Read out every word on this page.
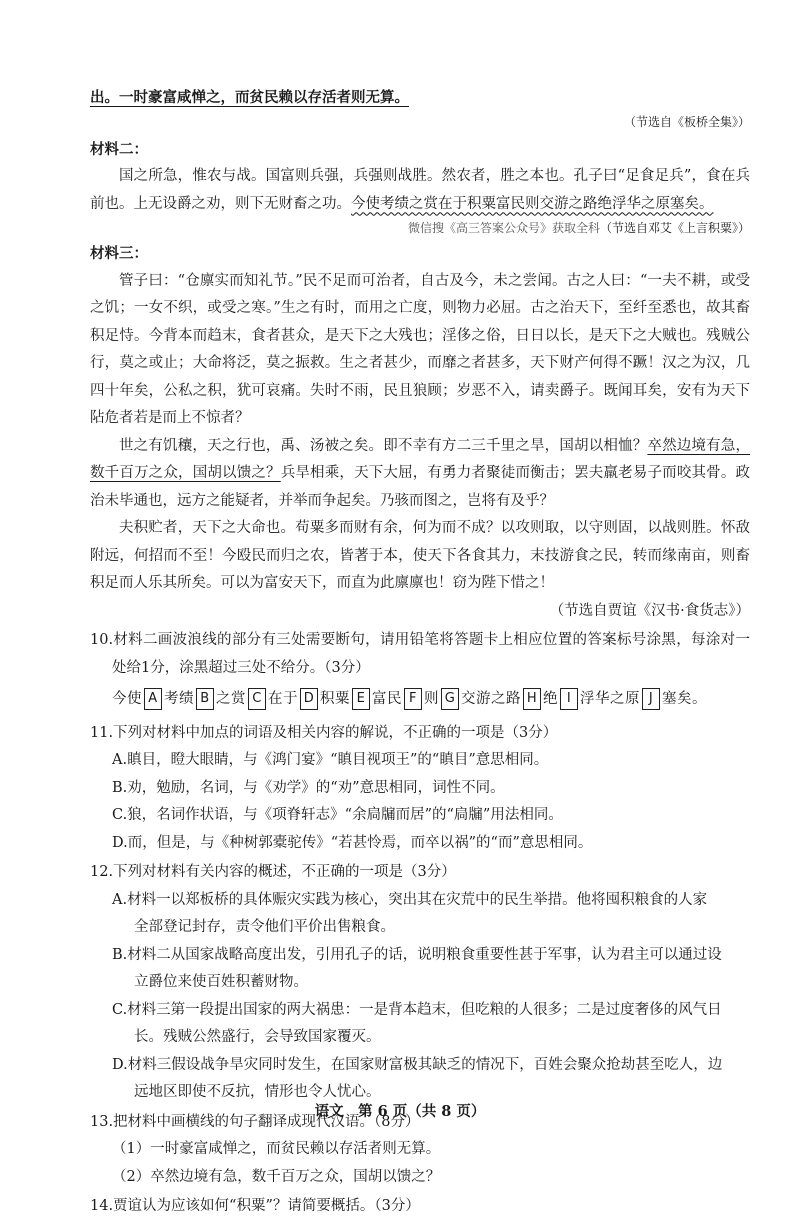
出。一时豪富咸惮之，而贫民赖以存活者则无算。
（节选自《板桥全集》）
材料二：
国之所急，惟农与战。国富则兵强，兵强则战胜。然农者，胜之本也。孔子曰“足食足兵”，食在兵前也。上无设爵之劝，则下无财畜之功。今使考绩之赏在于积粟富民则交游之路绝浮华之原塞矣。
微信搜《高三答案公众号》获取全科（节选自邓艾《上言积粟》）
材料三：
管子曰：“仓廪实而知礼节。”民不足而可治者，自古及今，未之尝闻。古之人曰：“一夫不耕，或受之饥；一女不织，或受之寒。”生之有时，而用之亡度，则物力必屈。古之治天下，至纤至悉也，故其畜积足恃。今背本而趋末，食者甚众，是天下之大残也；淫侈之俗，日日以长，是天下之大贼也。残贼公行，莫之或止；大命将泛，莫之振救。生之者甚少，而靡之者甚多，天下财产何得不蹶！汉之为汉，几四十年矣，公私之积，犹可哀痛。失时不雨，民且狼顾；岁恶不入，请卖爵子。既闻耳矣，安有为天下阽危者若是而上不惊者？
世之有饥穰，天之行也，禹、汤被之矣。即不幸有方二三千里之旱，国胡以相恤？卒然边境有急，数千百万之众，国胡以馈之？兵旱相乘，天下大屈，有勇力者聚徒而衡击；罢夫羸老易子而咬其骨。政治未毕通也，远方之能疑者，并举而争起矣。乃骇而图之，岂将有及乎？
夫积贮者，天下之大命也。苟粟多而财有余，何为而不成？以攻则取，以守则固，以战则胜。怀敌附远，何招而不至！今殴民而归之农，皆著于本，使天下各食其力，末技游食之民，转而缘南亩，则畜积足而人乐其所矣。可以为富安天下，而直为此廪廪也！窃为陛下惜之！
（节选自贾谊《汉书·食货志》）
10.材料二画波浪线的部分有三处需要断句，请用铅笔将答题卡上相应位置的答案标号涂黑，每涂对一处给1分，涂黑超过三处不给分。（3分）
今使 A 考绩 B 之赏 C 在于 D 积粟 E 富民 F 则 G 交游之路 H 绝 I 浮华之原 J 塞矣。
11.下列对材料中加点的词语及相关内容的解说，不正确的一项是（3分）
A.瞋目，瞪大眼睛，与《鸿门宴》“瞋目视项王”的“瞋目”意思相同。
B.劝，勉励，名词，与《劝学》的“劝”意思相同，词性不同。
C.狼，名词作状语，与《项脊轩志》“余扃牖而居”的“扃牖”用法相同。
D.而，但是，与《种树郭橐驼传》“若甚怜焉，而卒以祸”的“而”意思相同。
12.下列对材料有关内容的概述，不正确的一项是（3分）
A.材料一以郑板桥的具体赈灾实践为核心，突出其在灾荒中的民生举措。他将囤积粮食的人家
全部登记封存，责令他们平价出售粮食。
B.材料二从国家战略高度出发，引用孔子的话，说明粮食重要性甚于军事，认为君主可以通过设
立爵位来使百姓积蓄财物。
C.材料三第一段提出国家的两大祸患：一是背本趋末，但吃粮的人很多；二是过度奢侈的风气日
长。残贼公然盛行，会导致国家覆灭。
D.材料三假设战争旱灾同时发生，在国家财富极其缺乏的情况下，百姓会聚众抢劫甚至吃人，边
远地区即使不反抗，情形也令人忧心。
13.把材料中画横线的句子翻译成现代汉语。（8分）
（1）一时豪富咸惮之，而贫民赖以存活者则无算。
（2）卒然边境有急，数千百万之众，国胡以馈之？
14.贾谊认为应该如何“积粟”？请简要概括。（3分）
语文　第 6 页（共 8 页）
